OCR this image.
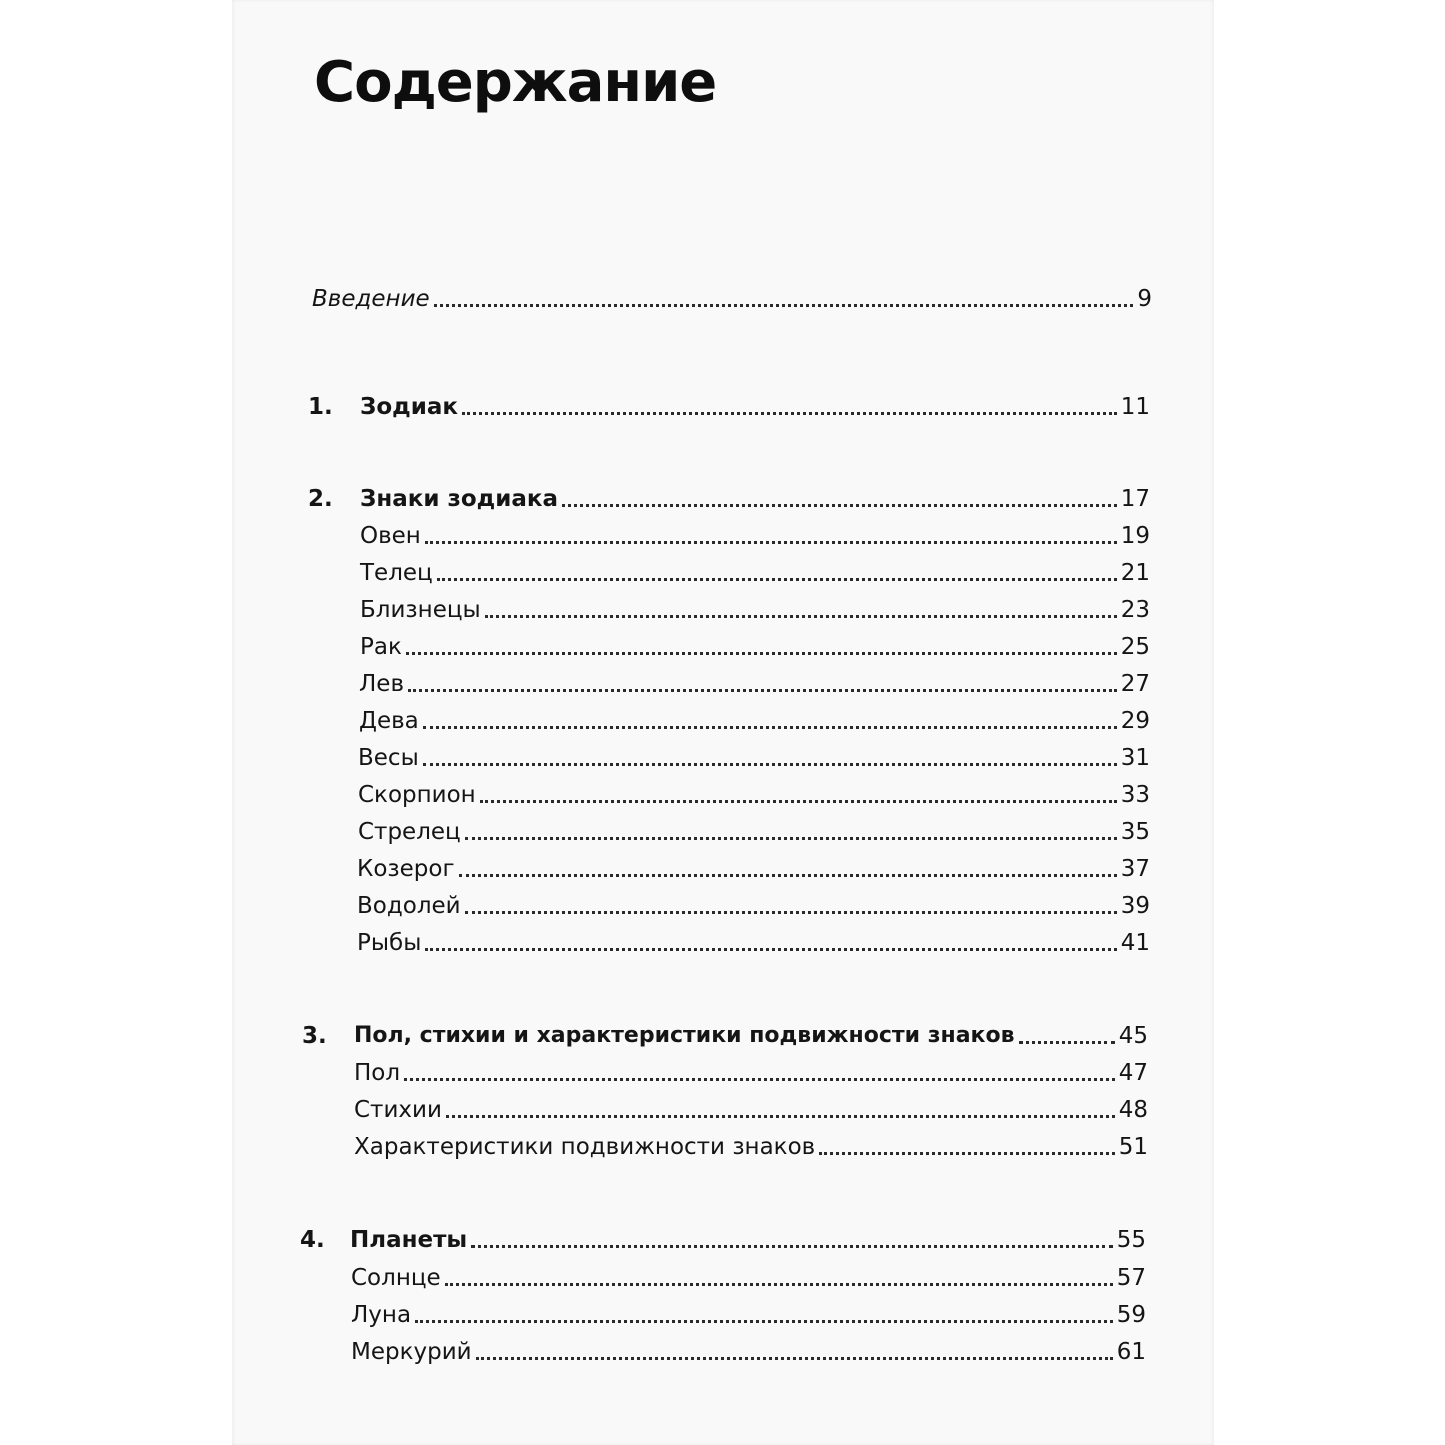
Содержание
Введение	9
1.	Зодиак	11
2.	Знаки зодиака	17
Овен	19
Телец	21
Близнецы	23
Рак	25
Лев	27
Дева	29
Весы	31
Скорпион	33
Стрелец	35
Козерог	37
Водолей	39
Рыбы	41
3.	Пол, стихии и характеристики подвижности знаков	45
Пол	47
Стихии	48
Характеристики подвижности знаков	51
4.	Планеты	55
Солнце	57
Луна	59
Меркурий	61
